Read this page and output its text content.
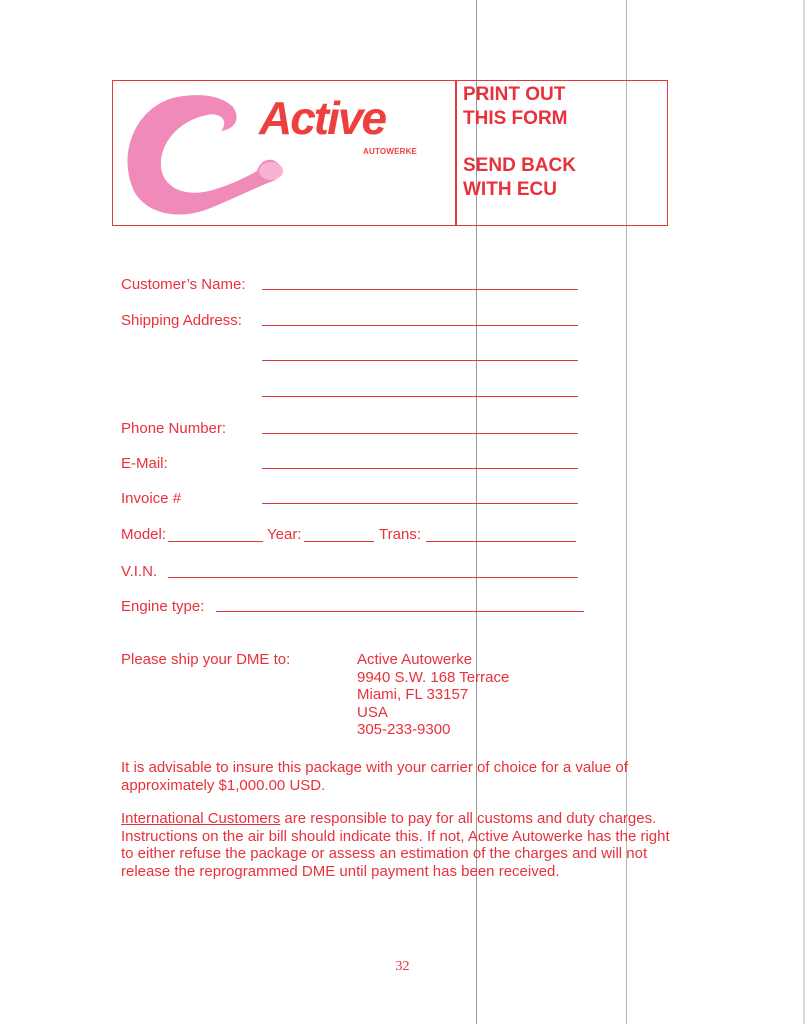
Active
AUTOWERKE
PRINT OUT
THIS FORM
SEND BACK
WITH ECU
Customer’s Name:
Shipping Address:
Phone Number:
E-Mail:
Invoice #
Model:	Year:	Trans:
V.I.N.
Engine type:
Please ship your DME to:	Active Autowerke
9940 S.W. 168 Terrace
Miami, FL 33157
USA
305-233-9300
It is advisable to insure this package with your carrier of choice for a value of approximately $1,000.00 USD.
International Customers are responsible to pay for all customs and duty charges. Instructions on the air bill should indicate this. If not, Active Autowerke has the right to either refuse the package or assess an estimation of the charges and will not release the reprogrammed DME until payment has been received.
32
